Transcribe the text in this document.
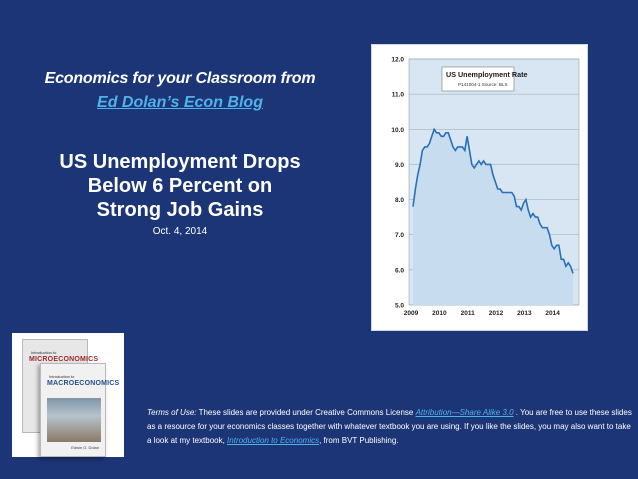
Economics for your Classroom from
Ed Dolan’s Econ Blog
US Unemployment Drops
Below 6 Percent on
Strong Job Gains
Oct. 4, 2014
5.0
6.0
7.0
8.0
9.0
10.0
11.0
12.0
2009 2010 2011 2012 2013 2014
US Unemployment Rate
P141004-1 Source: BLS
Introduction to
MICROECONOMICS
Introduction to
MACROECONOMICS
Edwin G. Dolan
Terms of Use: These slides are provided under Creative Commons License Attribution—Share Alike 3.0 . You are free to use these slides as a resource for your economics classes together with whatever textbook you are using. If you like the slides, you may also want to take a look at my textbook, Introduction to Economics, from BVT Publishing.
